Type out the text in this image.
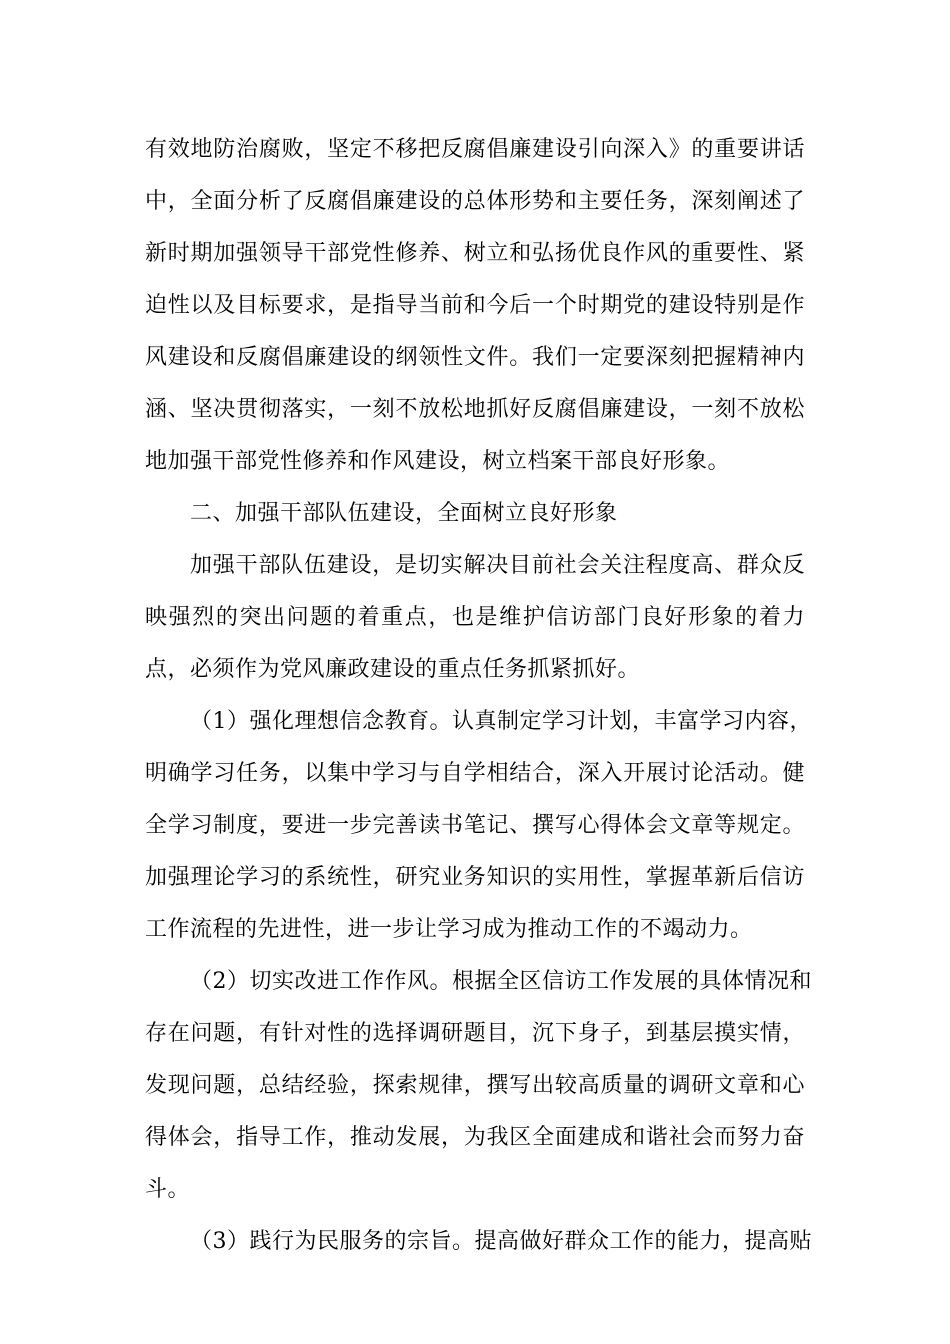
有效地防治腐败，坚定不移把反腐倡廉建设引向深入》的重要讲话
中，全面分析了反腐倡廉建设的总体形势和主要任务，深刻阐述了
新时期加强领导干部党性修养、树立和弘扬优良作风的重要性、紧
迫性以及目标要求，是指导当前和今后一个时期党的建设特别是作
风建设和反腐倡廉建设的纲领性文件。我们一定要深刻把握精神内
涵、坚决贯彻落实，一刻不放松地抓好反腐倡廉建设，一刻不放松
地加强干部党性修养和作风建设，树立档案干部良好形象。
二、加强干部队伍建设，全面树立良好形象
加强干部队伍建设，是切实解决目前社会关注程度高、群众反
映强烈的突出问题的着重点，也是维护信访部门良好形象的着力
点，必须作为党风廉政建设的重点任务抓紧抓好。
（1）强化理想信念教育。认真制定学习计划，丰富学习内容，
明确学习任务，以集中学习与自学相结合，深入开展讨论活动。健
全学习制度，要进一步完善读书笔记、撰写心得体会文章等规定。
加强理论学习的系统性，研究业务知识的实用性，掌握革新后信访
工作流程的先进性，进一步让学习成为推动工作的不竭动力。
（2）切实改进工作作风。根据全区信访工作发展的具体情况和
存在问题，有针对性的选择调研题目，沉下身子，到基层摸实情，
发现问题，总结经验，探索规律，撰写出较高质量的调研文章和心
得体会，指导工作，推动发展，为我区全面建成和谐社会而努力奋
斗。
（3）践行为民服务的宗旨。提高做好群众工作的能力，提高贴
